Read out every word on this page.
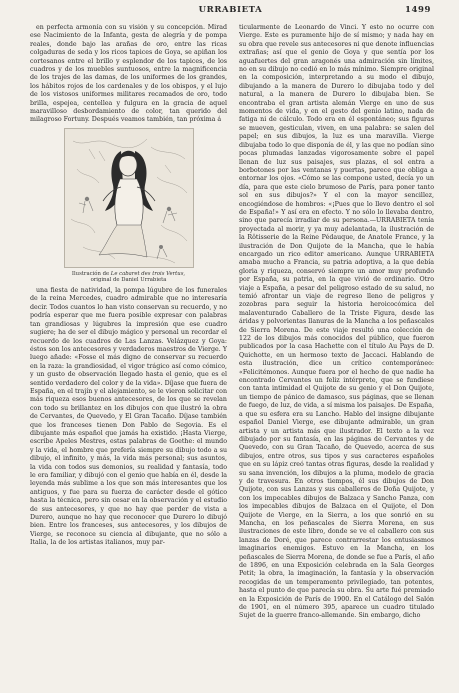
URRABIETA	1499

en perfecta armonía con su visión y su concepción. Mirad ese Nacimiento de la Infanta, gesta de alegría y de pompa reales, donde bajo las arañas de oro, entre las ricas colgaduras de seda y los ricos tapices de Goya, se apiñan los cortesanos entre el brillo y esplendor de los tapices, de los cuadros y de los muebles suntuosos, entre la magnificencia de los trajes de las damas, de los uniformes de los grandes, los hábitos rojos de los cardenales y de los obispos, y el lujo de los vistosos uniformes militares recamados de oro, todo brilla, espejea, centellea y fulgura en la gracia de aquel maravilloso desbordamiento de color, tan querido del milagroso Fortuny. Después veamos también, tan próxima á

Ilustración de Le cabaret des trois Vertus,
original de Daniel Urrabieta

una fiesta de natividad, la pompa lúgubre de los funerales de la reina Mercedes, cuadro admirable que no interesaría decir. Todos cuantos lo han visto conservan su recuerdo, y no podría esperar que me fuera posible expresar con palabras tan grandiosas y lúgubres la impresión que ese cuadro sugiere; ha de ser el dibujo mágico y personal un recordar el recuerdo de los cuadros de Las Lanzas. Velázquez y Goya: éstos son los antecesores y verdaderos maestros de Vierge. Y luego añade: «Fosse el más digno de conservar su recuerdo en la raza: la grandiosidad, el vigor trágico así como cómico, y un gusto de observación llegado hasta el genio, que es el sentido verdadero del color y de la vida». Díjase que fuera de España, en el trajín y el alejamiento, se le vieron solicitar con más riqueza esos buenos antecesores, de los que se revelan con todo su brillantez en los dibujos con que ilustró la obra de Cervantes, de Quevedo, y El Gran Tacaño. Díjase también que los franceses tienen Don Pablo de Segovia. Es el dibujante más español que jamás ha existido. ¡Hasta Vierge, escribe Apeles Mestres, estas palabras de Goethe: el mundo y la vida, el hombre que prefería siempre su dibujo todo a su dibujo, el infinito, y más, la vida más personal; sus asuntos, la vida con todos sus demonios, su realidad y fantasía, todo le era familiar, y dibujó con el genio que había en él, desde la leyenda más sublime a los que son más interesantes que los antiguos, y fue para su fuerza de carácter desde el gótico hasta la técnica, pero sin cesar en la observación y el estudio de sus antecesores, y que no hay que perder de vista a Durero, aunque no hay que reconocer que Durero lo dibujó bien. Entre los franceses, sus antecesores, y los dibujos de Vierge, se reconoce su ciencia al dibujante, que no sólo a Italia, la de los artistas italianos, muy par-

ticularmente de Leonardo de Vinci. Y esto no ocurre con Vierge. Este es puramente hijo de sí mismo; y nada hay en su obra que revele sus antecesores ni que denote influencias extrañas; así que el genio de Goya y que sentía por los aguafuertes del gran aragonés una admiración sin límites, no en su dibujo no cedió en lo más mínimo. Siempre original en la composición, interpretando a su modo el dibujo, dibujando a la manera de Durero lo dibujaba todo y del natural, a la manera de Durero lo dibujaba bien. Se encontraba el gran artista alemán Vierge en uno de sus momentos de vida, y en el gesto del genio latino, nada de fatiga ni de cálculo. Todo era en él espontáneo; sus figuras se mueven, gesticulan, viven, en una palabra: se salen del papel; en sus dibujos, la luz es una maravilla. Vierge dibujaba todo lo que disponía de él, y las que no podían sino pocas plumadas lanzadas vigorosamente sobre el papel llenan de luz sus paisajes, sus plazas, el sol entra a borbotones por las ventanas y puertas, parece que obliga a entornar los ojos. «Cómo se las compone usted, decía yo un día, para que este cielo brumoso de París, para poner tanto sol en sus dibujos?» Y el con la mayor sencillez, encogiéndose de hombros: «¡Pues que lo llevo dentro el sol de España!» Y así era en efecto. Y no sólo lo llevaba dentro, sino que parecía irradiar de su persona.—URRABIETA tenía proyectada al morir, y ya muy adelantada, la ilustración de la Rôtisserie de la Reine Pédauque, de Anatole France, y la ilustración de Don Quijote de la Mancha, que le había encargado un rico editor americano. Aunque URRABIETA amaba mucho a Francia, su patria adoptiva, a la que debía gloria y riqueza, conservó siempre un amor muy profundo por España, su patria, en la que vivió de ordinario. Otro viaje a España, a pesar del peligroso estado de su salud, no temió afrontar un viaje de regreso lleno de peligros y zozobras para seguir la historia heroicocómica del malaventurado Caballero de la Triste Figura, desde las áridas y polvorientas llanuras de la Mancha a los peñascales de Sierra Morena. De este viaje resultó una colección de 122 de los dibujos más conocidos del público, que fueron publicados por la casa Hachette con el título Au Pays de D. Quichotte, en un hermoso texto de Jaccaci. Hablando de esta ilustración, dice un crítico contemporáneo: «Felicitémonos. Aunque fuera por el hecho de que nadie ha encontrado Cervantes un feliz intérprete, que se fundiese con tanta intimidad el Quijote de su genio y el Don Quijote, un tiempo de pánico de damasco, sus páginas, que se llenan de fuego, de luz, de vida, a sí misma los paisajes. De España, a que su esfera era su Lancho. Hablo del insigne dibujante español Daniel Vierge, ese dibujante admirable, un gran artista y un artista más que ilustrador. El texto a la vez dibujado por su fantasía, en las páginas de Cervantes y de Quevedo, con su Gran Tacaño, de Quevedo, acerca de sus dibujos, entre otros, sus tipos y sus caracteres españoles que en su lápiz creó tantas otras figuras, desde la realidad y su sana invención, los dibujos a la pluma, modelo de gracia y de travesura. En otros tiempos, él sus dibujos de Don Quijote, con sus Lanzas y sus caballeros de Doña Quijote, y con los impecables dibujos de Balzaca y Sancho Panza, con los impecables dibujos de Balzaca en el Quijote, el Don Quijote de Vierge, en la Sierra, a los que sonrió en su Mancha, en los peñascales de Sierra Morena, en sus ilustraciones de este libro, donde se ve el caballero con sus lanzas de Doré, que parece contrarrestar los entusiasmos imaginarios enemigos. Estuvo en la Mancha, en los peñascales de Sierra Morena, de donde se fue a París, el año de 1896, en una Exposición celebrada en la Sala Georges Petit; la obra, la imaginación, la fantasía y la observación recogidas de un temperamento privilegiado, tan potentes, hasta el punto de que parecía su obra. Su arte fué premiado en la Exposición de París de 1900. En el Catálogo del Salón de 1901, en el número 395, aparece un cuadro titulado Sujet de la guerre franco-allemande. Sin embargo, dicho
